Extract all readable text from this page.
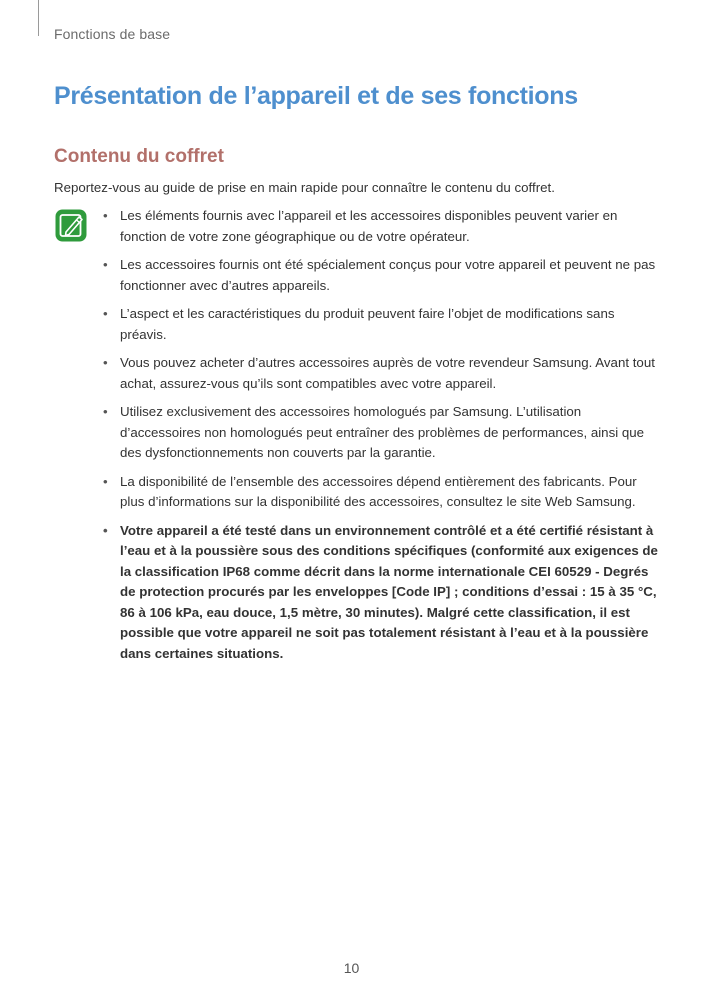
Fonctions de base
Présentation de l’appareil et de ses fonctions
Contenu du coffret

Reportez-vous au guide de prise en main rapide pour connaître le contenu du coffret.

• Les éléments fournis avec l’appareil et les accessoires disponibles peuvent varier en fonction de votre zone géographique ou de votre opérateur.
• Les accessoires fournis ont été spécialement conçus pour votre appareil et peuvent ne pas fonctionner avec d’autres appareils.
• L’aspect et les caractéristiques du produit peuvent faire l’objet de modifications sans préavis.
• Vous pouvez acheter d’autres accessoires auprès de votre revendeur Samsung. Avant tout achat, assurez-vous qu’ils sont compatibles avec votre appareil.
• Utilisez exclusivement des accessoires homologués par Samsung. L’utilisation d’accessoires non homologués peut entraîner des problèmes de performances, ainsi que des dysfonctionnements non couverts par la garantie.
• La disponibilité de l’ensemble des accessoires dépend entièrement des fabricants. Pour plus d’informations sur la disponibilité des accessoires, consultez le site Web Samsung.
• Votre appareil a été testé dans un environnement contrôlé et a été certifié résistant à l’eau et à la poussière sous des conditions spécifiques (conformité aux exigences de la classification IP68 comme décrit dans la norme internationale CEI 60529 - Degrés de protection procurés par les enveloppes [Code IP] ; conditions d’essai : 15 à 35 °C, 86 à 106 kPa, eau douce, 1,5 mètre, 30 minutes). Malgré cette classification, il est possible que votre appareil ne soit pas totalement résistant à l’eau et à la poussière dans certaines situations.
10
